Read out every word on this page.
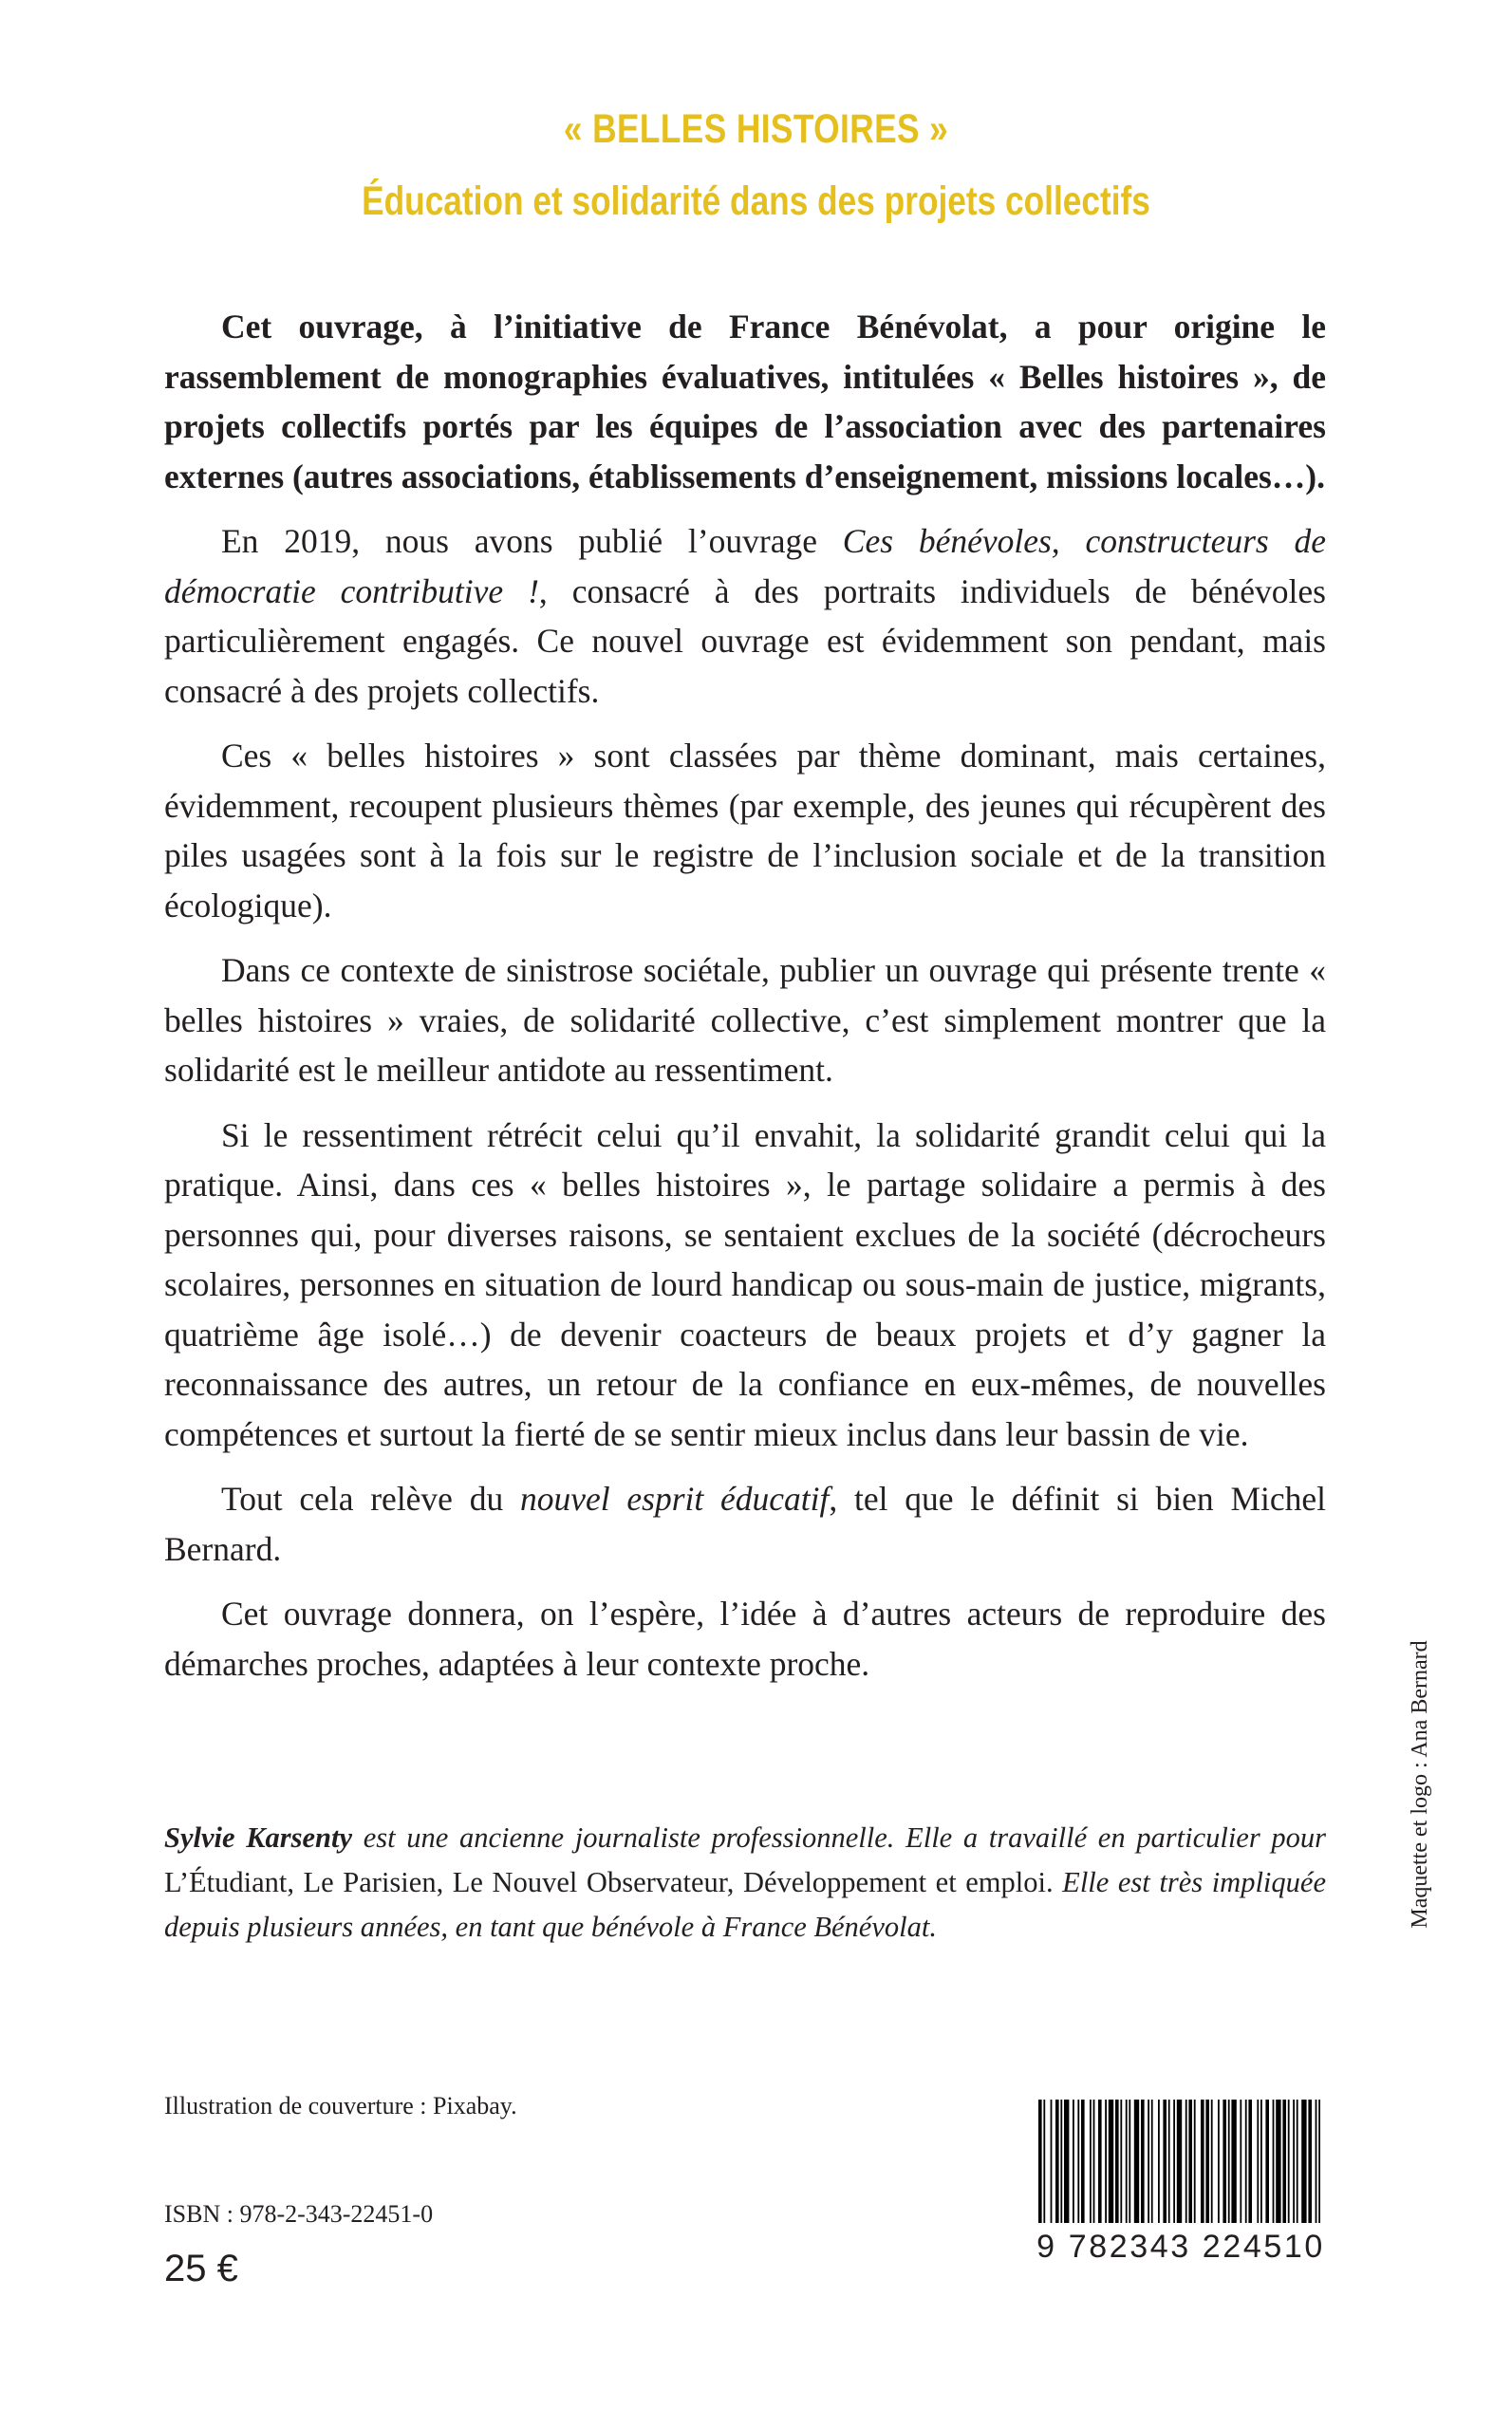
« BELLES HISTOIRES »
Éducation et solidarité dans des projets collectifs

Cet ouvrage, à l’initiative de France Bénévolat, a pour origine le rassemblement de monographies évaluatives, intitulées « Belles histoires », de projets collectifs portés par les équipes de l’association avec des partenaires externes (autres associations, établissements d’enseignement, missions locales…).

En 2019, nous avons publié l’ouvrage Ces bénévoles, constructeurs de démocratie contributive !, consacré à des portraits individuels de bénévoles particulièrement engagés. Ce nouvel ouvrage est évidemment son pendant, mais consacré à des projets collectifs.

Ces « belles histoires » sont classées par thème dominant, mais certaines, évidemment, recoupent plusieurs thèmes (par exemple, des jeunes qui récupèrent des piles usagées sont à la fois sur le registre de l’inclusion sociale et de la transition écologique).

Dans ce contexte de sinistrose sociétale, publier un ouvrage qui présente trente « belles histoires » vraies, de solidarité collective, c’est simplement montrer que la solidarité est le meilleur antidote au ressentiment.

Si le ressentiment rétrécit celui qu’il envahit, la solidarité grandit celui qui la pratique. Ainsi, dans ces « belles histoires », le partage solidaire a permis à des personnes qui, pour diverses raisons, se sentaient exclues de la société (décrocheurs scolaires, personnes en situation de lourd handicap ou sous-main de justice, migrants, quatrième âge isolé…) de devenir coacteurs de beaux projets et d’y gagner la reconnaissance des autres, un retour de la confiance en eux-mêmes, de nouvelles compétences et surtout la fierté de se sentir mieux inclus dans leur bassin de vie.

Tout cela relève du nouvel esprit éducatif, tel que le définit si bien Michel Bernard.

Cet ouvrage donnera, on l’espère, l’idée à d’autres acteurs de reproduire des démarches proches, adaptées à leur contexte proche.

Sylvie Karsenty est une ancienne journaliste professionnelle. Elle a travaillé en particulier pour L’Étudiant, Le Parisien, Le Nouvel Observateur, Développement et emploi. Elle est très impliquée depuis plusieurs années, en tant que bénévole à France Bénévolat.	Maquette et logo : Ana Bernard
Illustration de couverture : Pixabay.
ISBN : 978-2-343-22451-0
25 €
9 782343 224510
